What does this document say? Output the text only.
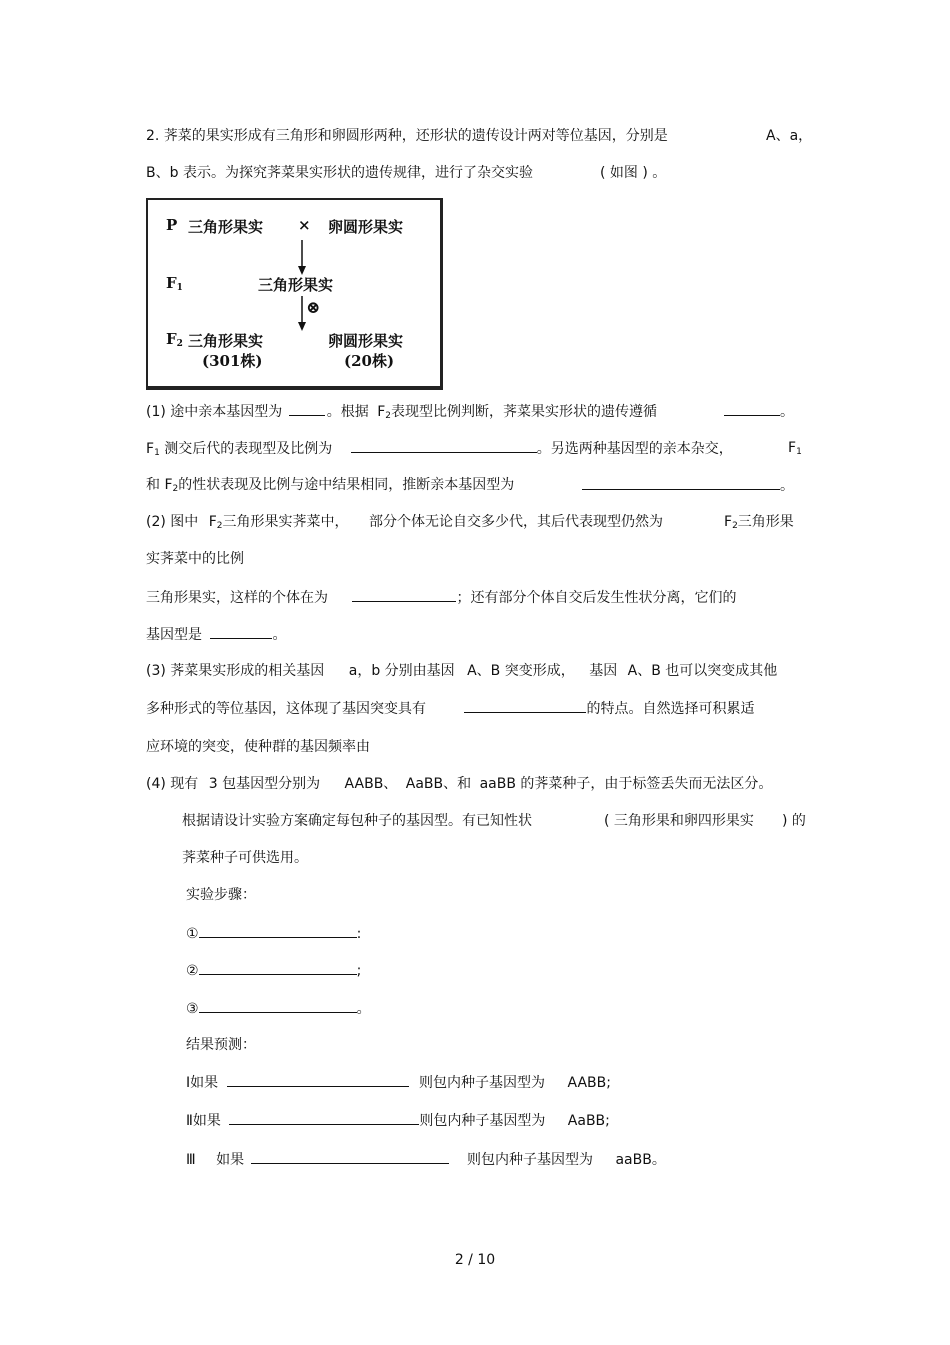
2. 荠菜的果实形成有三角形和卵圆形两种，还形状的遗传设计两对等位基因，分别是	A、a，
B、b 表示。为探究荠菜果实形状的遗传规律，进行了杂交实验	( 如图 ) 。
P 三角形果实 × 卵圆形果实
$F_1$	三角形果实
⊗
$F_2$ 三角形果实
(301株)
卵圆形果实
(20株)
(1) 途中亲本基因型为	。根据 $F_2$表现型比例判断，荠菜果实形状的遗传遵循	。
$F_1$ 测交后代的表现型及比例为	。另选两种基因型的亲本杂交，	$F_1$
和 $F_2$的性状表现及比例与途中结果相同，推断亲本基因型为	。
(2) 图中 $F_2$三角形果实荠菜中， 部分个体无论自交多少代，其后代表现型仍然为	$F_2$三角形果
实荠菜中的比例
三角形果实，这样的个体在为	；还有部分个体自交后发生性状分离，它们的
基因型是	。
(3) 荠菜果实形成的相关基因 a，b 分别由基因 A、B 突变形成， 基因 A、B 也可以突变成其他
多种形式的等位基因，这体现了基因突变具有	的特点。自然选择可积累适
应环境的突变，使种群的基因频率由
(4) 现有 3 包基因型分别为 AABB、 AaBB、和 aaBB 的荠菜种子，由于标签丢失而无法区分。
根据请设计实验方案确定每包种子的基因型。有已知性状	( 三角形果和卵四形果实 ) 的
荠菜种子可供选用。
实验步骤：
①	:
②	;
③	。
结果预测：
Ⅰ如果	则包内种子基因型为 AABB;
Ⅱ如果	则包内种子基因型为 AaBB;
Ⅲ 如果	则包内种子基因型为 aaBB。
2 / 10
